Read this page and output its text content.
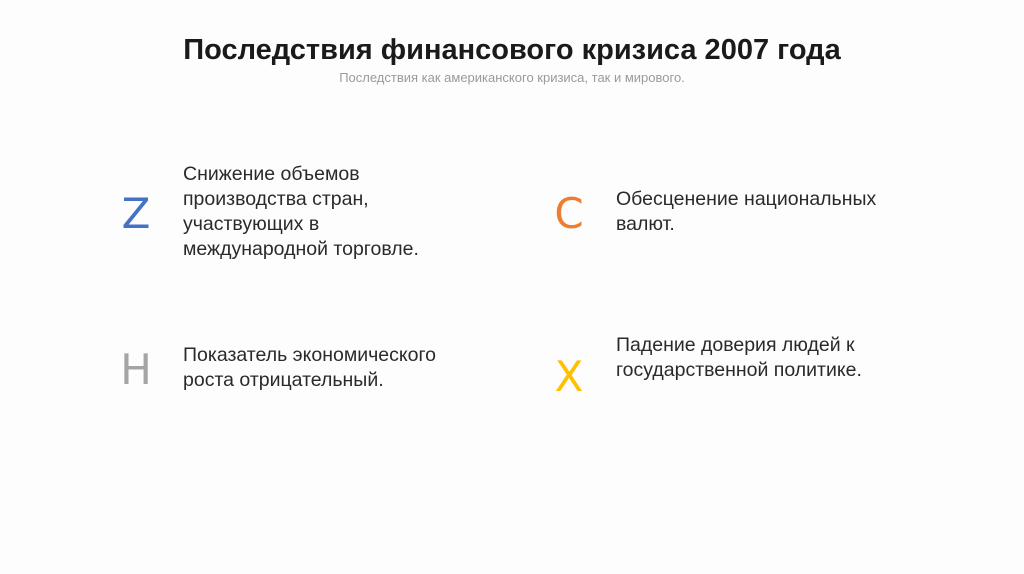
Последствия финансового кризиса 2007 года
Последствия как американского кризиса, так и мирового.
Z
Снижение объемов
производства стран,
участвующих в
международной торговле.
C	Обесценение национальных
валют.
H	Показатель экономического
роста отрицательный.	X
Падение доверия людей к
государственной политике.
